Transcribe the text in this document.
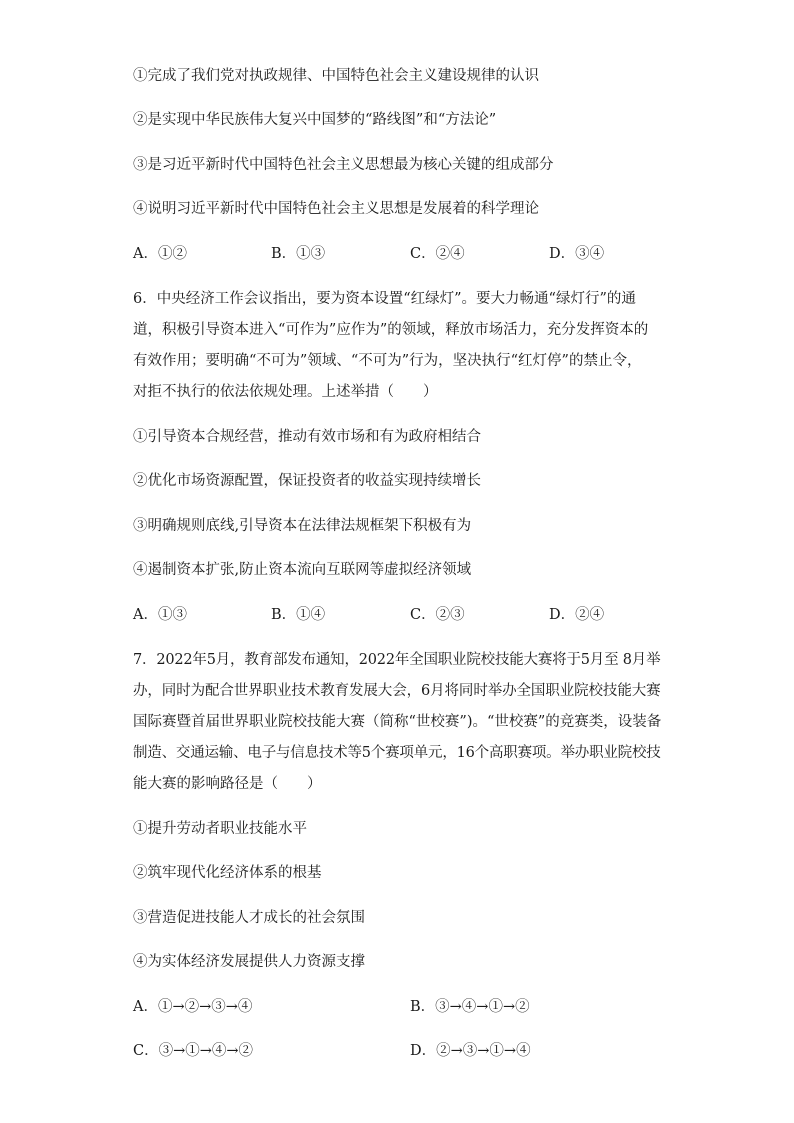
①完成了我们党对执政规律、中国特色社会主义建设规律的认识
②是实现中华民族伟大复兴中国梦的“路线图”和“方法论”
③是习近平新时代中国特色社会主义思想最为核心关键的组成部分
④说明习近平新时代中国特色社会主义思想是发展着的科学理论
A．①②	B．①③	C．②④	D．③④
6．中央经济工作会议指出，要为资本设置“红绿灯”。要大力畅通“绿灯行”的通
道，积极引导资本进入“可作为”应作为”的领域，释放市场活力，充分发挥资本的
有效作用；要明确“不可为”领域、“不可为”行为，坚决执行“红灯停”的禁止令，
对拒不执行的依法依规处理。上述举措（　　）
①引导资本合规经营，推动有效市场和有为政府相结合
②优化市场资源配置，保证投资者的收益实现持续增长
③明确规则底线,引导资本在法律法规框架下积极有为
④遏制资本扩张,防止资本流向互联网等虚拟经济领域
A．①③	B．①④	C．②③	D．②④
7．2022年5月，教育部发布通知，2022年全国职业院校技能大赛将于5月至 8月举
办，同时为配合世界职业技术教育发展大会，6月将同时举办全国职业院校技能大赛
国际赛暨首届世界职业院校技能大赛（简称“世校赛”)。“世校赛”的竞赛类，设装备
制造、交通运输、电子与信息技术等5个赛项单元，16个高职赛项。举办职业院校技
能大赛的影响路径是（　　）
①提升劳动者职业技能水平
②筑牢现代化经济体系的根基
③营造促进技能人才成长的社会氛围
④为实体经济发展提供人力资源支撑
A．①→②→③→④	B．③→④→①→②
C．③→①→④→②	D．②→③→①→④
